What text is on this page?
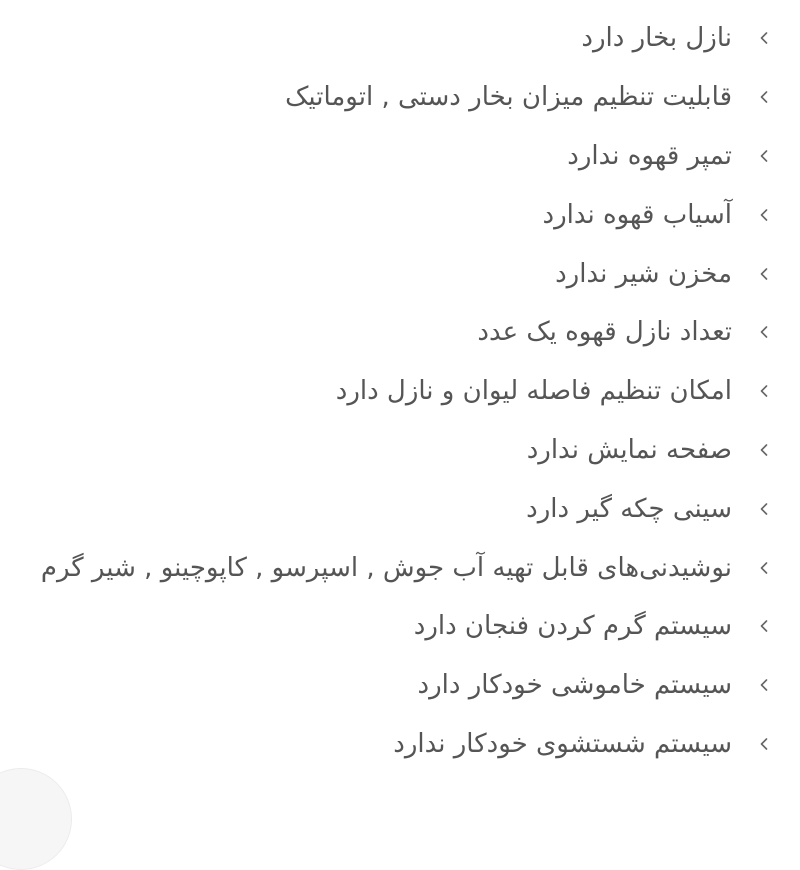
نازل بخار دارد
قابلیت تنظیم میزان بخار دستی , اتوماتیک
تمپر قهوه ندارد
آسیاب قهوه ندارد
مخزن شیر ندارد
تعداد نازل قهوه یک عدد
امکان تنظیم فاصله لیوان و نازل دارد
صفحه نمایش ندارد
سینی چکه گیر دارد
نوشیدنی‌های قابل تهیه آب جوش , اسپرسو , کاپوچینو , شیر گرم
سیستم گرم کردن فنجان دارد
سیستم خاموشی خودکار دارد
سیستم شستشوی خودکار ندارد
